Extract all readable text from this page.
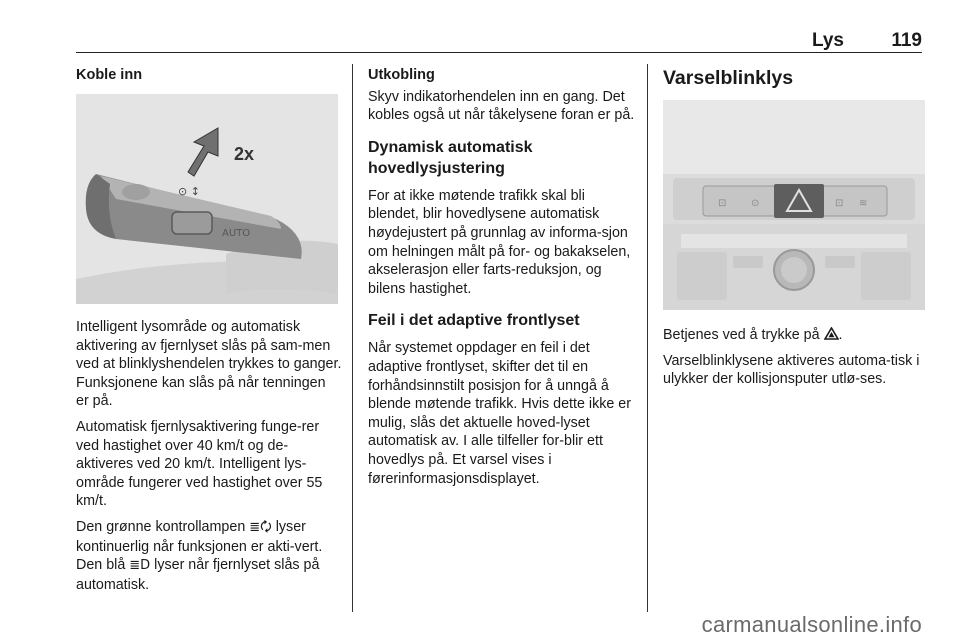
Lys 119
Koble inn
⊙ ↕
AUTO
2x

Intelligent lysområde og automatisk aktivering av fjernlyset slås på sam-men ved at blinklyshendelen trykkes to ganger. Funksjonene kan slås på når tenningen er på.

Automatisk fjernlysaktivering funge-rer ved hastighet over 40 km/t og de-aktiveres ved 20 km/t. Intelligent lys-område fungerer ved hastighet over 55 km/t.

Den grønne kontrollampen ≣🗘 lyser kontinuerlig når funksjonen er akti-vert. Den blå ≣D lyser når fjernlyset slås på automatisk.

Utkobling

Skyv indikatorhendelen inn en gang. Det kobles også ut når tåkelysene foran er på.

Dynamisk automatisk hovedlysjustering

For at ikke møtende trafikk skal bli blendet, blir hovedlysene automatisk høydejustert på grunnlag av informa-sjon om helningen målt på for- og bakakselen, akselerasjon eller farts-reduksjon, og bilens hastighet.

Feil i det adaptive frontlyset

Når systemet oppdager en feil i det adaptive frontlyset, skifter det til en forhåndsinnstilt posisjon for å unngå å blende møtende trafikk. Hvis dette ikke er mulig, slås det aktuelle hoved-lyset automatisk av. I alle tilfeller for-blir ett hovedlys på. Et varsel vises i førerinformasjonsdisplayet.

Varselblinklys
⊡ ⊙	⊡ ≋

Betjenes ved å trykke på .

Varselblinklysene aktiveres automa-tisk i ulykker der kollisjonsputer utlø-ses.

carmanualsonline.info
